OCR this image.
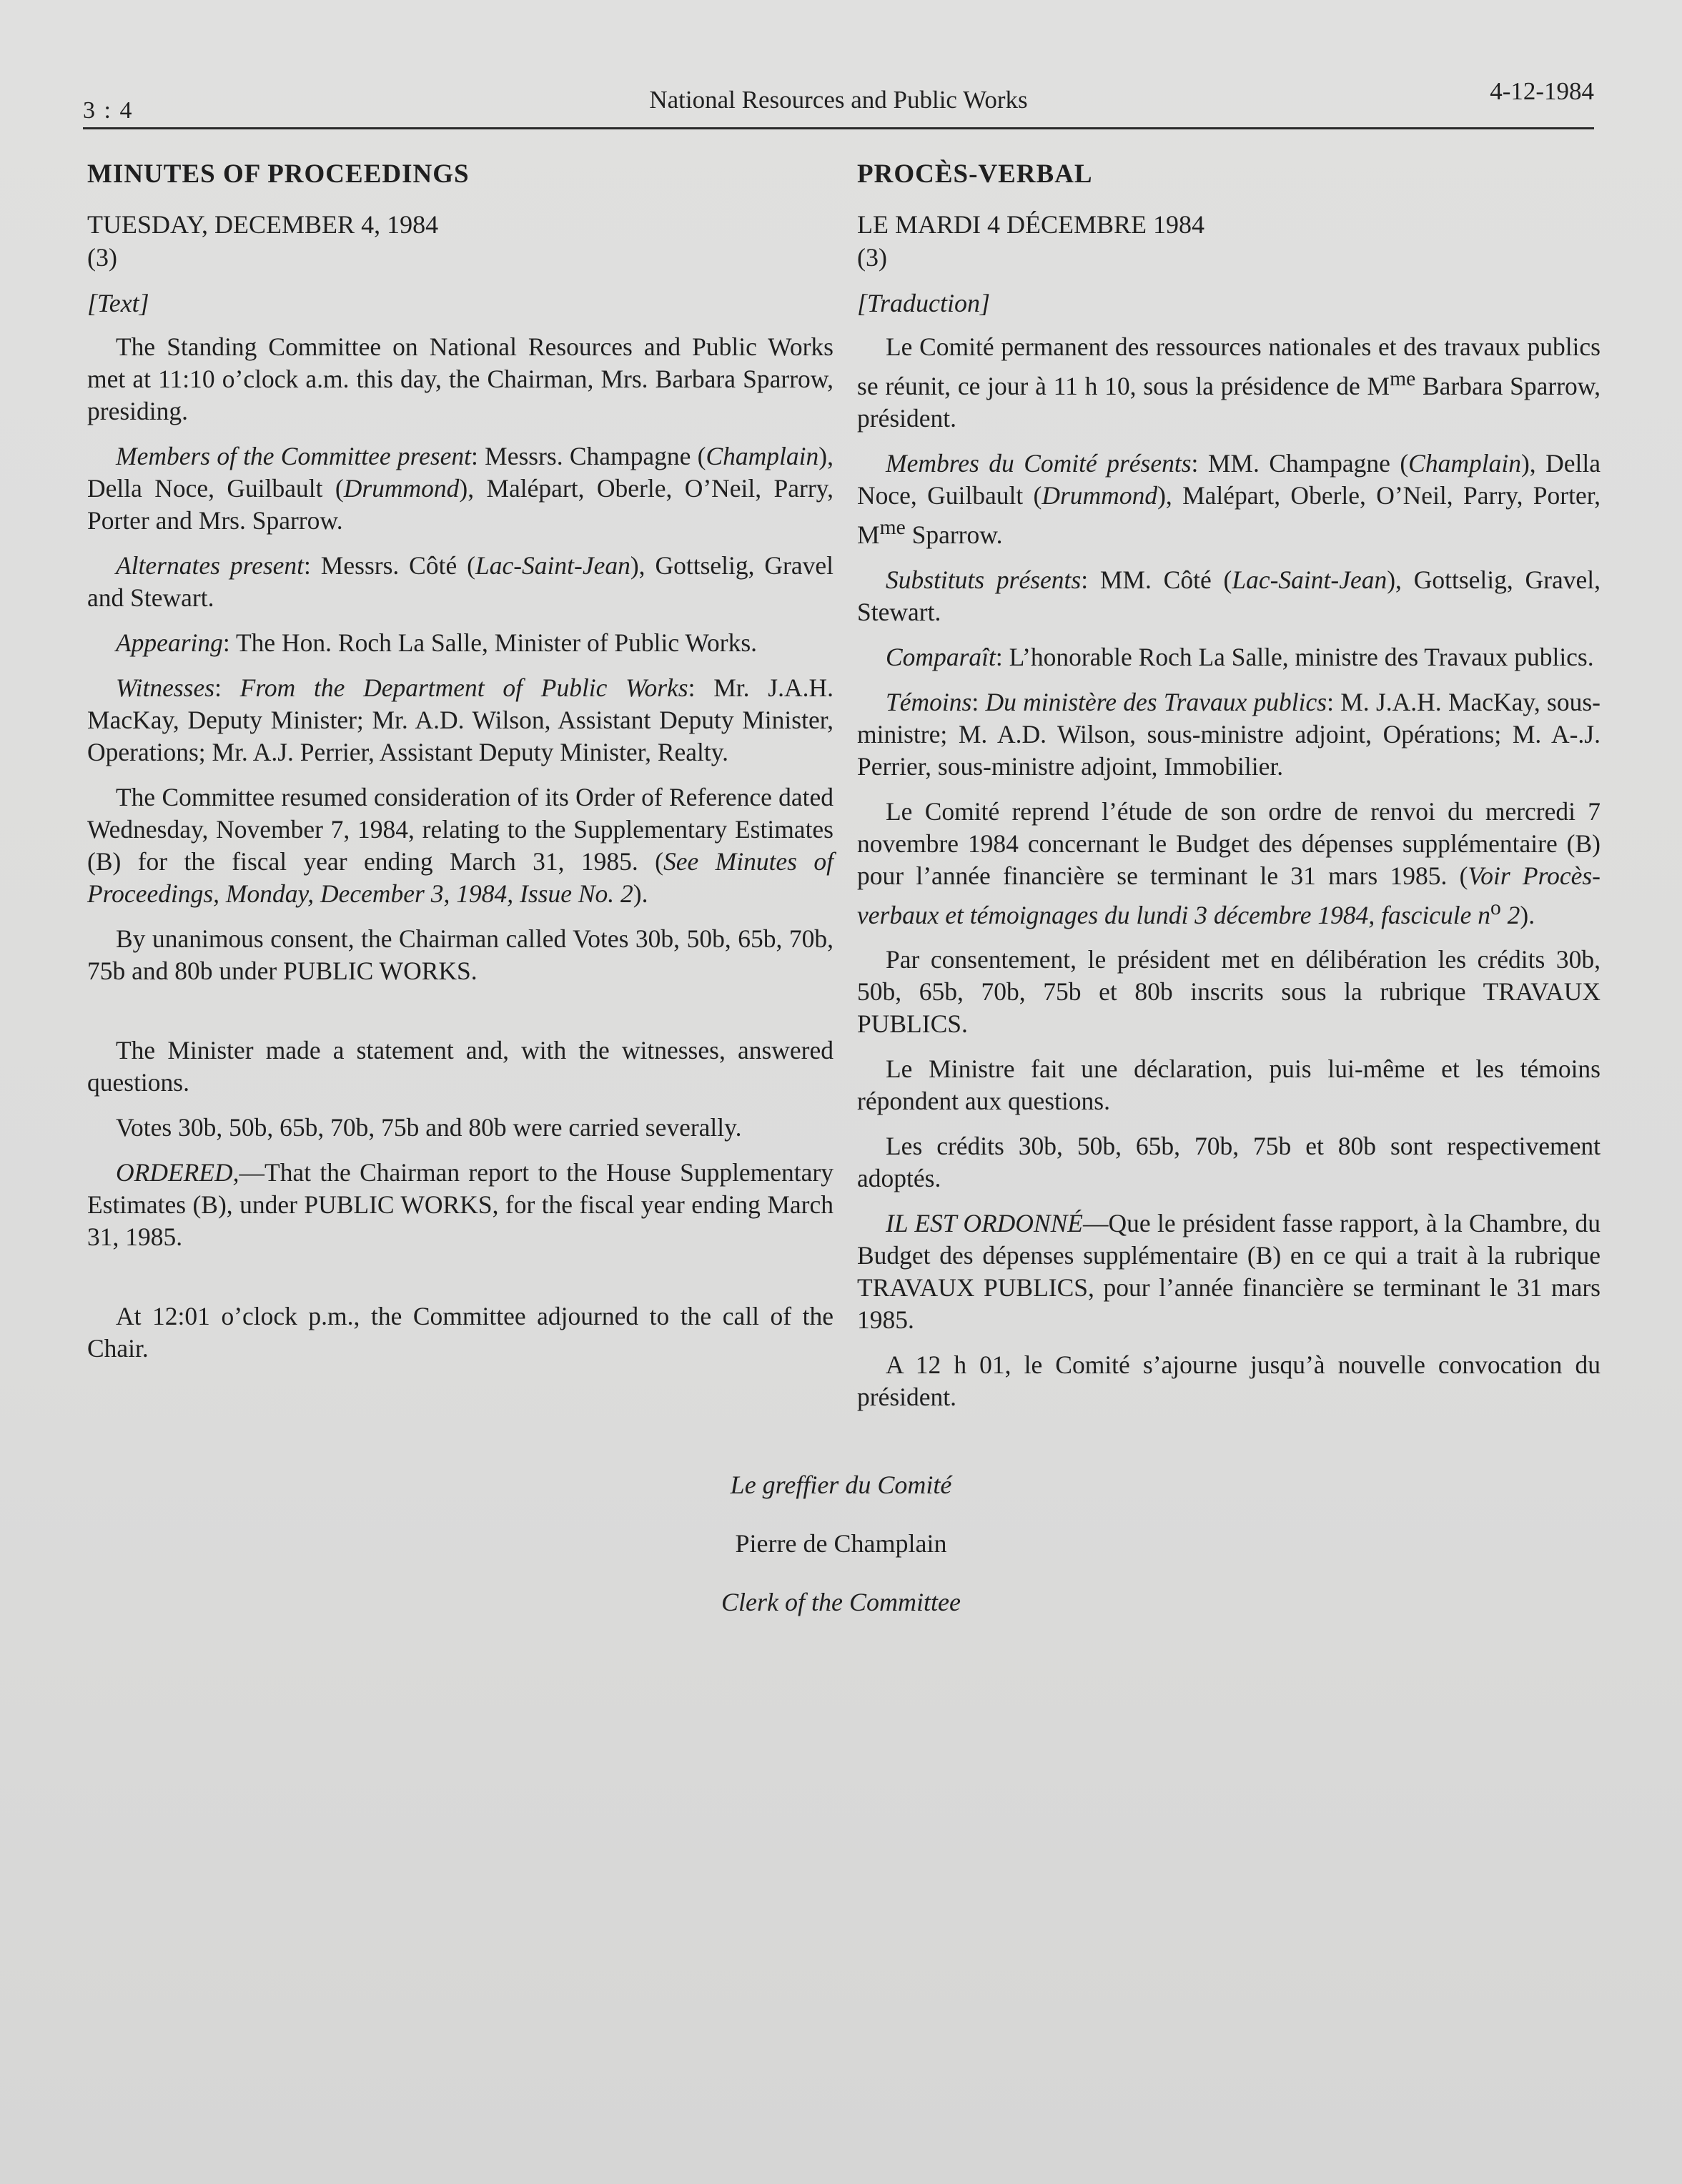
3 : 4	National Resources and Public Works	4-12-1984
MINUTES OF PROCEEDINGS
TUESDAY, DECEMBER 4, 1984
(3)
[Text]

The Standing Committee on National Resources and Public Works met at 11:10 o’clock a.m. this day, the Chairman, Mrs. Barbara Sparrow, presiding.

Members of the Committee present: Messrs. Champagne (Champlain), Della Noce, Guilbault (Drummond), Malépart, Oberle, O’Neil, Parry, Porter and Mrs. Sparrow.

Alternates present: Messrs. Côté (Lac-Saint-Jean), Gottselig, Gravel and Stewart.

Appearing: The Hon. Roch La Salle, Minister of Public Works.

Witnesses: From the Department of Public Works: Mr. J.A.H. MacKay, Deputy Minister; Mr. A.D. Wilson, Assistant Deputy Minister, Operations; Mr. A.J. Perrier, Assistant Deputy Minister, Realty.

The Committee resumed consideration of its Order of Reference dated Wednesday, November 7, 1984, relating to the Supplementary Estimates (B) for the fiscal year ending March 31, 1985. (See Minutes of Proceedings, Monday, December 3, 1984, Issue No. 2).

By unanimous consent, the Chairman called Votes 30b, 50b, 65b, 70b, 75b and 80b under PUBLIC WORKS.

The Minister made a statement and, with the witnesses, answered questions.

Votes 30b, 50b, 65b, 70b, 75b and 80b were carried severally.

ORDERED,—That the Chairman report to the House Supplementary Estimates (B), under PUBLIC WORKS, for the fiscal year ending March 31, 1985.

At 12:01 o’clock p.m., the Committee adjourned to the call of the Chair.

PROCÈS-VERBAL
LE MARDI 4 DÉCEMBRE 1984
(3)
[Traduction]

Le Comité permanent des ressources nationales et des travaux publics se réunit, ce jour à 11 h 10, sous la présidence de $M^{me}$ Barbara Sparrow, président.

Membres du Comité présents: MM. Champagne (Champlain), Della Noce, Guilbault (Drummond), Malépart, Oberle, O’Neil, Parry, Porter, $M^{me}$ Sparrow.

Substituts présents: MM. Côté (Lac-Saint-Jean), Gottselig, Gravel, Stewart.

Comparaît: L’honorable Roch La Salle, ministre des Travaux publics.

Témoins: Du ministère des Travaux publics: M. J.A.H. MacKay, sous-ministre; M. A.D. Wilson, sous-ministre adjoint, Opérations; M. A-.J. Perrier, sous-ministre adjoint, Immobilier.

Le Comité reprend l’étude de son ordre de renvoi du mercredi 7 novembre 1984 concernant le Budget des dépenses supplémentaire (B) pour l’année financière se terminant le 31 mars 1985. (Voir Procès-verbaux et témoignages du lundi 3 décembre 1984, fascicule $n^o$ 2).

Par consentement, le président met en délibération les crédits 30b, 50b, 65b, 70b, 75b et 80b inscrits sous la rubrique TRAVAUX PUBLICS.

Le Ministre fait une déclaration, puis lui-même et les témoins répondent aux questions.

Les crédits 30b, 50b, 65b, 70b, 75b et 80b sont respectivement adoptés.

IL EST ORDONNÉ—Que le président fasse rapport, à la Chambre, du Budget des dépenses supplémentaire (B) en ce qui a trait à la rubrique TRAVAUX PUBLICS, pour l’année financière se terminant le 31 mars 1985.

A 12 h 01, le Comité s’ajourne jusqu’à nouvelle convocation du président.

Le greffier du Comité
Pierre de Champlain
Clerk of the Committee
